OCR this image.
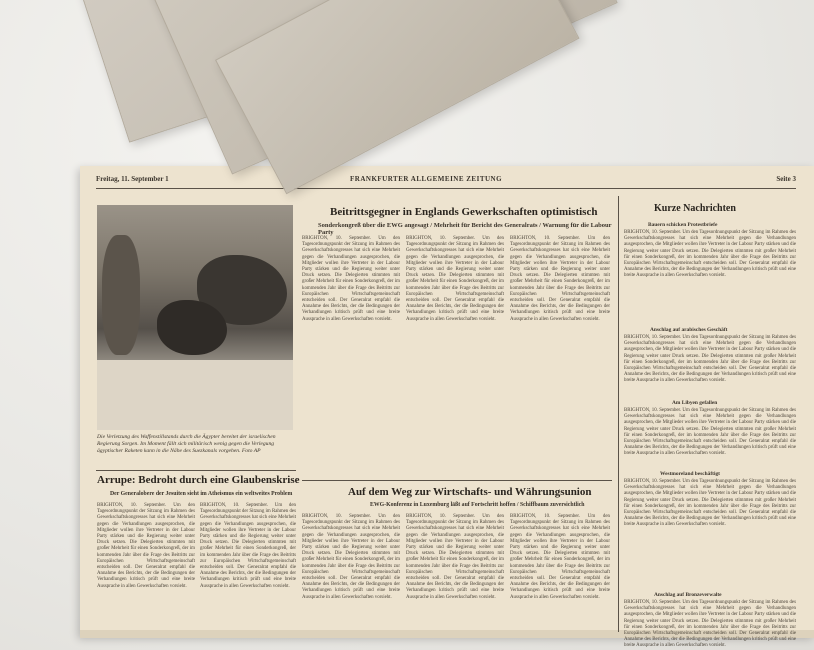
Freitag, 11. September 1	FRANKFURTER ALLGEMEINE ZEITUNG	Seite 3
Beitrittsgegner in Englands Gewerkschaften optimistisch
Sonderkongreß über die EWG angesagt / Mehrheit für Bericht des Generalrats / Warnung für die Labour Party
Die Verletzung des Waffenstillstands durch die Ägypter bereitet der israelischen Regierung Sorgen. Im Moment fällt sich militärisch wenig gegen die Verlegung ägyptischer Raketen kann in die Nähe des Suezkanals vorgehen. Foto AP
Arrupe: Bedroht durch eine Glaubenskrise
Der Generalobere der Jesuiten sieht im Atheismus ein weltweites Problem
BRIGHTON, 10. September. Um den Tagesordnungspunkt der Sitzung im Rahmen des Gewerkschaftskongresses hat sich eine Mehrheit gegen die Verhandlungen ausgesprochen, die Mitglieder wollen ihre Vertreter in der Labour Party stärken und die Regierung weiter unter Druck setzen. Die Delegierten stimmten mit großer Mehrheit für einen Sonderkongreß, der im kommenden Jahr über die Frage des Beitritts zur Europäischen Wirtschaftsgemeinschaft entscheiden soll. Der Generalrat empfahl die Annahme des Berichts, der die Bedingungen der Verhandlungen kritisch prüft und eine breite Aussprache in allen Gewerkschaften vorsieht.
BRIGHTON, 10. September. Um den Tagesordnungspunkt der Sitzung im Rahmen des Gewerkschaftskongresses hat sich eine Mehrheit gegen die Verhandlungen ausgesprochen, die Mitglieder wollen ihre Vertreter in der Labour Party stärken und die Regierung weiter unter Druck setzen. Die Delegierten stimmten mit großer Mehrheit für einen Sonderkongreß, der im kommenden Jahr über die Frage des Beitritts zur Europäischen Wirtschaftsgemeinschaft entscheiden soll. Der Generalrat empfahl die Annahme des Berichts, der die Bedingungen der Verhandlungen kritisch prüft und eine breite Aussprache in allen Gewerkschaften vorsieht.
BRIGHTON, 10. September. Um den Tagesordnungspunkt der Sitzung im Rahmen des Gewerkschaftskongresses hat sich eine Mehrheit gegen die Verhandlungen ausgesprochen, die Mitglieder wollen ihre Vertreter in der Labour Party stärken und die Regierung weiter unter Druck setzen. Die Delegierten stimmten mit großer Mehrheit für einen Sonderkongreß, der im kommenden Jahr über die Frage des Beitritts zur Europäischen Wirtschaftsgemeinschaft entscheiden soll. Der Generalrat empfahl die Annahme des Berichts, der die Bedingungen der Verhandlungen kritisch prüft und eine breite Aussprache in allen Gewerkschaften vorsieht.
BRIGHTON, 10. September. Um den Tagesordnungspunkt der Sitzung im Rahmen des Gewerkschaftskongresses hat sich eine Mehrheit gegen die Verhandlungen ausgesprochen, die Mitglieder wollen ihre Vertreter in der Labour Party stärken und die Regierung weiter unter Druck setzen. Die Delegierten stimmten mit großer Mehrheit für einen Sonderkongreß, der im kommenden Jahr über die Frage des Beitritts zur Europäischen Wirtschaftsgemeinschaft entscheiden soll. Der Generalrat empfahl die Annahme des Berichts, der die Bedingungen der Verhandlungen kritisch prüft und eine breite Aussprache in allen Gewerkschaften vorsieht.
BRIGHTON, 10. September. Um den Tagesordnungspunkt der Sitzung im Rahmen des Gewerkschaftskongresses hat sich eine Mehrheit gegen die Verhandlungen ausgesprochen, die Mitglieder wollen ihre Vertreter in der Labour Party stärken und die Regierung weiter unter Druck setzen. Die Delegierten stimmten mit großer Mehrheit für einen Sonderkongreß, der im kommenden Jahr über die Frage des Beitritts zur Europäischen Wirtschaftsgemeinschaft entscheiden soll. Der Generalrat empfahl die Annahme des Berichts, der die Bedingungen der Verhandlungen kritisch prüft und eine breite Aussprache in allen Gewerkschaften vorsieht.
Auf dem Weg zur Wirtschafts- und Währungsunion
EWG-Konferenz in Luxemburg läßt auf Fortschritt hoffen / Schiffbaum zuversichtlich
BRIGHTON, 10. September. Um den Tagesordnungspunkt der Sitzung im Rahmen des Gewerkschaftskongresses hat sich eine Mehrheit gegen die Verhandlungen ausgesprochen, die Mitglieder wollen ihre Vertreter in der Labour Party stärken und die Regierung weiter unter Druck setzen. Die Delegierten stimmten mit großer Mehrheit für einen Sonderkongreß, der im kommenden Jahr über die Frage des Beitritts zur Europäischen Wirtschaftsgemeinschaft entscheiden soll. Der Generalrat empfahl die Annahme des Berichts, der die Bedingungen der Verhandlungen kritisch prüft und eine breite Aussprache in allen Gewerkschaften vorsieht.
BRIGHTON, 10. September. Um den Tagesordnungspunkt der Sitzung im Rahmen des Gewerkschaftskongresses hat sich eine Mehrheit gegen die Verhandlungen ausgesprochen, die Mitglieder wollen ihre Vertreter in der Labour Party stärken und die Regierung weiter unter Druck setzen. Die Delegierten stimmten mit großer Mehrheit für einen Sonderkongreß, der im kommenden Jahr über die Frage des Beitritts zur Europäischen Wirtschaftsgemeinschaft entscheiden soll. Der Generalrat empfahl die Annahme des Berichts, der die Bedingungen der Verhandlungen kritisch prüft und eine breite Aussprache in allen Gewerkschaften vorsieht.
BRIGHTON, 10. September. Um den Tagesordnungspunkt der Sitzung im Rahmen des Gewerkschaftskongresses hat sich eine Mehrheit gegen die Verhandlungen ausgesprochen, die Mitglieder wollen ihre Vertreter in der Labour Party stärken und die Regierung weiter unter Druck setzen. Die Delegierten stimmten mit großer Mehrheit für einen Sonderkongreß, der im kommenden Jahr über die Frage des Beitritts zur Europäischen Wirtschaftsgemeinschaft entscheiden soll. Der Generalrat empfahl die Annahme des Berichts, der die Bedingungen der Verhandlungen kritisch prüft und eine breite Aussprache in allen Gewerkschaften vorsieht.
Kurze Nachrichten
Bauern schicken Protestbriefe
BRIGHTON, 10. September. Um den Tagesordnungspunkt der Sitzung im Rahmen des Gewerkschaftskongresses hat sich eine Mehrheit gegen die Verhandlungen ausgesprochen, die Mitglieder wollen ihre Vertreter in der Labour Party stärken und die Regierung weiter unter Druck setzen. Die Delegierten stimmten mit großer Mehrheit für einen Sonderkongreß, der im kommenden Jahr über die Frage des Beitritts zur Europäischen Wirtschaftsgemeinschaft entscheiden soll. Der Generalrat empfahl die Annahme des Berichts, der die Bedingungen der Verhandlungen kritisch prüft und eine breite Aussprache in allen Gewerkschaften vorsieht.
Anschlag auf arabisches Geschäft
BRIGHTON, 10. September. Um den Tagesordnungspunkt der Sitzung im Rahmen des Gewerkschaftskongresses hat sich eine Mehrheit gegen die Verhandlungen ausgesprochen, die Mitglieder wollen ihre Vertreter in der Labour Party stärken und die Regierung weiter unter Druck setzen. Die Delegierten stimmten mit großer Mehrheit für einen Sonderkongreß, der im kommenden Jahr über die Frage des Beitritts zur Europäischen Wirtschaftsgemeinschaft entscheiden soll. Der Generalrat empfahl die Annahme des Berichts, der die Bedingungen der Verhandlungen kritisch prüft und eine breite Aussprache in allen Gewerkschaften vorsieht.
Am Libyen gefallen
BRIGHTON, 10. September. Um den Tagesordnungspunkt der Sitzung im Rahmen des Gewerkschaftskongresses hat sich eine Mehrheit gegen die Verhandlungen ausgesprochen, die Mitglieder wollen ihre Vertreter in der Labour Party stärken und die Regierung weiter unter Druck setzen. Die Delegierten stimmten mit großer Mehrheit für einen Sonderkongreß, der im kommenden Jahr über die Frage des Beitritts zur Europäischen Wirtschaftsgemeinschaft entscheiden soll. Der Generalrat empfahl die Annahme des Berichts, der die Bedingungen der Verhandlungen kritisch prüft und eine breite Aussprache in allen Gewerkschaften vorsieht.
Westmoreland beschäftigt
BRIGHTON, 10. September. Um den Tagesordnungspunkt der Sitzung im Rahmen des Gewerkschaftskongresses hat sich eine Mehrheit gegen die Verhandlungen ausgesprochen, die Mitglieder wollen ihre Vertreter in der Labour Party stärken und die Regierung weiter unter Druck setzen. Die Delegierten stimmten mit großer Mehrheit für einen Sonderkongreß, der im kommenden Jahr über die Frage des Beitritts zur Europäischen Wirtschaftsgemeinschaft entscheiden soll. Der Generalrat empfahl die Annahme des Berichts, der die Bedingungen der Verhandlungen kritisch prüft und eine breite Aussprache in allen Gewerkschaften vorsieht.
Anschlag auf Bronzeverwalte
BRIGHTON, 10. September. Um den Tagesordnungspunkt der Sitzung im Rahmen des Gewerkschaftskongresses hat sich eine Mehrheit gegen die Verhandlungen ausgesprochen, die Mitglieder wollen ihre Vertreter in der Labour Party stärken und die Regierung weiter unter Druck setzen. Die Delegierten stimmten mit großer Mehrheit für einen Sonderkongreß, der im kommenden Jahr über die Frage des Beitritts zur Europäischen Wirtschaftsgemeinschaft entscheiden soll. Der Generalrat empfahl die Annahme des Berichts, der die Bedingungen der Verhandlungen kritisch prüft und eine breite Aussprache in allen Gewerkschaften vorsieht.
